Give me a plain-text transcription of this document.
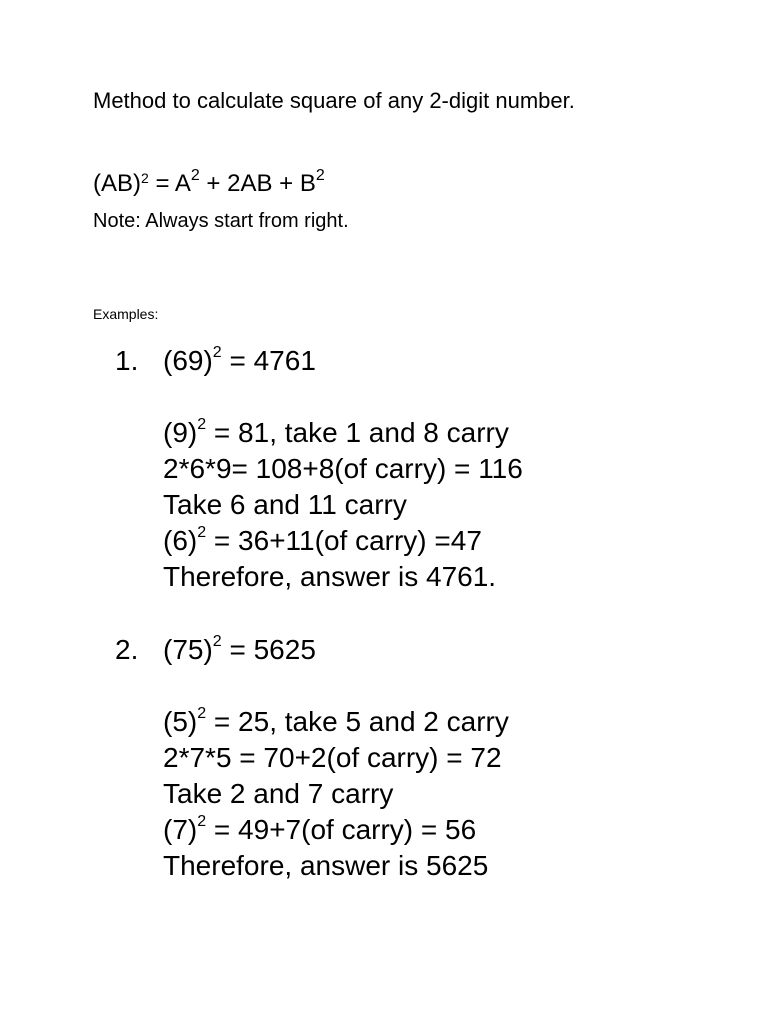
Method to calculate square of any 2-digit number.
$(AB)^2 = A^2 + 2AB + B^2$
Note: Always start from right.
Examples:
1. $(69)^2 = 4761$
$(9)^2 = 81$, take 1 and 8 carry
2*6*9= 108+8(of carry) = 116
Take 6 and 11 carry
$(6)^2 = 36+11(of$ carry) =47
Therefore, answer is 4761.
2. $(75)^2 = 5625$
$(5)^2 = 25$, take 5 and 2 carry
2*7*5 = 70+2(of carry) = 72
Take 2 and 7 carry
$(7)^2 = 49+7(of$ carry) = 56
Therefore, answer is 5625
